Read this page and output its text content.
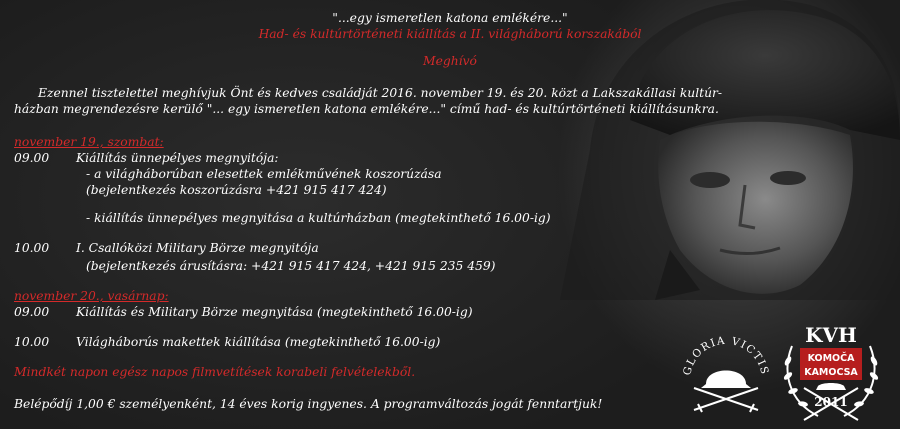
"...egy ismeretlen katona emlékére..."
Had- és kultúrtörténeti kiállítás a II. világháború korszakából
Meghívó
Ezennel tisztelettel meghívjuk Önt és kedves családját 2016. november 19. és 20. közt a Lakszakállasi kultúr-
házban megrendezésre kerülő "... egy ismeretlen katona emlékére..." című had- és kultúrtörténeti kiállításunkra.
november 19., szombat:
09.00 Kiállítás ünnepélyes megnyitója:
- a világháborúban elesettek emlékművének koszorúzása
(bejelentkezés koszorúzásra +421 915 417 424)
- kiállítás ünnepélyes megnyitása a kultúrházban (megtekinthető 16.00-ig)
10.00 I. Csallóközi Military Börze megnyitója
(bejelentkezés árusításra: +421 915 417 424, +421 915 235 459)
november 20., vasárnap:
09.00 Kiállítás és Military Börze megnyitása (megtekinthető 16.00-ig)
10.00 Világháborús makettek kiállítása (megtekinthető 16.00-ig)
Mindkét napon egész napos filmvetítések korabeli felvételekből.
Belépődíj 1,00 € személyenként, 14 éves korig ingyenes. A programváltozás jogát fenntartjuk!
GLORIA VICTIS
KVH
KOMOČA
KAMOCSA
2011
